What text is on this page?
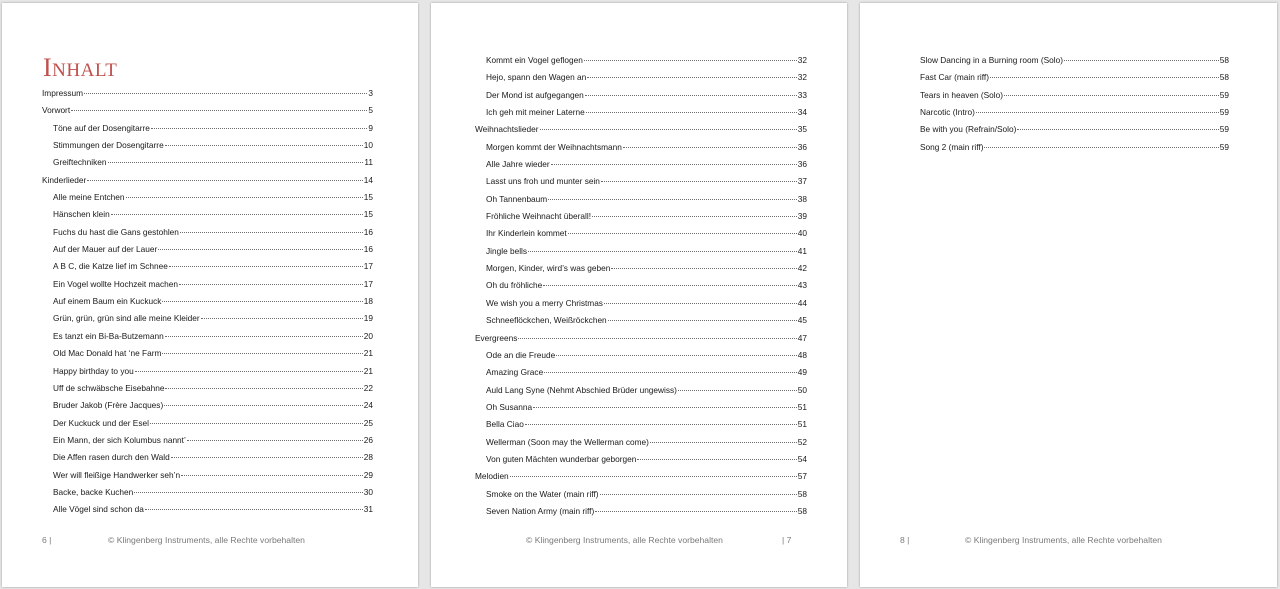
INHALT
Impressum	3
Vorwort	5
Töne auf der Dosengitarre	9
Stimmungen der Dosengitarre	10
Greiftechniken	11
Kinderlieder	14
Alle meine Entchen	15
Hänschen klein	15
Fuchs du hast die Gans gestohlen	16
Auf der Mauer auf der Lauer	16
A B C, die Katze lief im Schnee	17
Ein Vogel wollte Hochzeit machen	17
Auf einem Baum ein Kuckuck	18
Grün, grün, grün sind alle meine Kleider	19
Es tanzt ein Bi-Ba-Butzemann	20
Old Mac Donald hat ‘ne Farm	21
Happy birthday to you	21
Uff de schwäbsche Eisebahne	22
Bruder Jakob (Frère Jacques)	24
Der Kuckuck und der Esel	25
Ein Mann, der sich Kolumbus nannt’	26
Die Affen rasen durch den Wald	28
Wer will fleißige Handwerker seh’n	29
Backe, backe Kuchen	30
Alle Vögel sind schon da	31
6 |	© Klingenberg Instruments, alle Rechte vorbehalten
Kommt ein Vogel geflogen	32
Hejo, spann den Wagen an	32
Der Mond ist aufgegangen	33
Ich geh mit meiner Laterne	34
Weihnachtslieder	35
Morgen kommt der Weihnachtsmann	36
Alle Jahre wieder	36
Lasst uns froh und munter sein	37
Oh Tannenbaum	38
Fröhliche Weihnacht überall!	39
Ihr Kinderlein kommet	40
Jingle bells	41
Morgen, Kinder, wird’s was geben	42
Oh du fröhliche	43
We wish you a merry Christmas	44
Schneeflöckchen, Weißröckchen	45
Evergreens	47
Ode an die Freude	48
Amazing Grace	49
Auld Lang Syne (Nehmt Abschied Brüder ungewiss)	50
Oh Susanna	51
Bella Ciao	51
Wellerman (Soon may the Wellerman come)	52
Von guten Mächten wunderbar geborgen	54
Melodien	57
Smoke on the Water (main riff)	58
Seven Nation Army (main riff)	58
© Klingenberg Instruments, alle Rechte vorbehalten	| 7
Slow Dancing in a Burning room (Solo)	58
Fast Car (main riff)	58
Tears in heaven (Solo)	59
Narcotic (Intro)	59
Be with you (Refrain/Solo)	59
Song 2 (main riff)	59
8 |	© Klingenberg Instruments, alle Rechte vorbehalten
